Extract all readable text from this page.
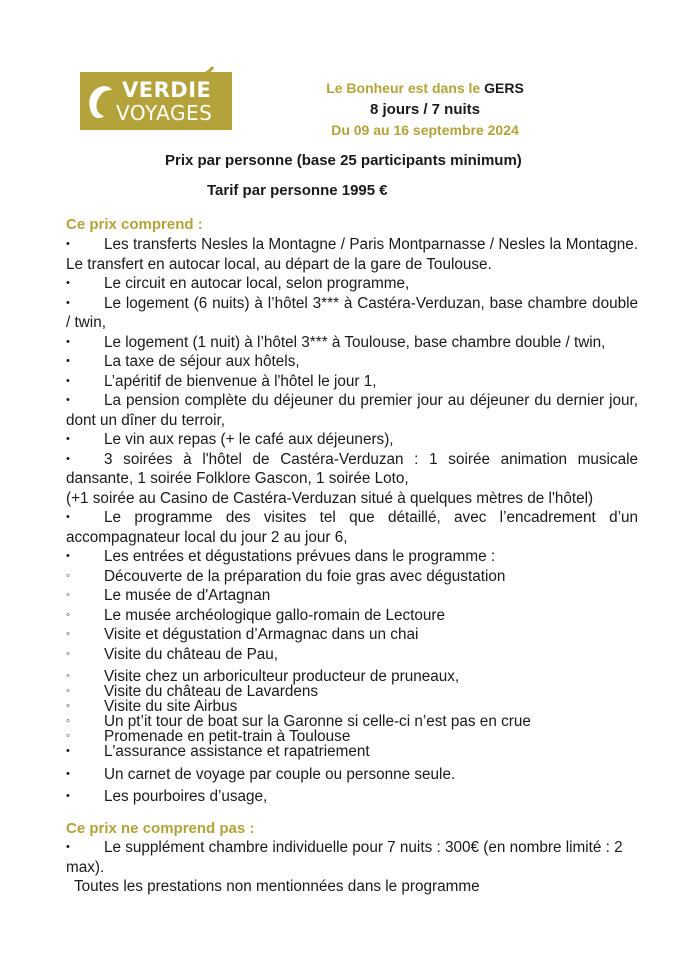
VERDIE
VOYAGES
Le Bonheur est dans le GERS
8 jours / 7 nuits
Du 09 au 16 septembre 2024
Prix par personne (base 25 participants minimum)
Tarif par personne 1995 €
Ce prix comprend :
• Les transferts Nesles la Montagne / Paris Montparnasse / Nesles la Montagne. Le transfert en autocar local, au départ de la gare de Toulouse.
• Le circuit en autocar local, selon programme,
• Le logement (6 nuits) à l’hôtel 3*** à Castéra-Verduzan, base chambre double / twin,
• Le logement (1 nuit) à l’hôtel 3*** à Toulouse, base chambre double / twin,
• La taxe de séjour aux hôtels,
• L’apéritif de bienvenue à l'hôtel le jour 1,
• La pension complète du déjeuner du premier jour au déjeuner du dernier jour, dont un dîner du terroir,
• Le vin aux repas (+ le café aux déjeuners),
• 3 soirées à l'hôtel de Castéra-Verduzan : 1 soirée animation musicale dansante, 1 soirée Folklore Gascon, 1 soirée Loto,
(+1 soirée au Casino de Castéra-Verduzan situé à quelques mètres de l'hôtel)
• Le programme des visites tel que détaillé, avec l’encadrement d’un accompagnateur local du jour 2 au jour 6,
• Les entrées et dégustations prévues dans le programme :
◦ Découverte de la préparation du foie gras avec dégustation
◦ Le musée de d'Artagnan
◦ Le musée archéologique gallo-romain de Lectoure
◦ Visite et dégustation d’Armagnac dans un chai
◦ Visite du château de Pau,
◦ Visite chez un arboriculteur producteur de pruneaux,
◦ Visite du château de Lavardens
◦ Visite du site Airbus
◦ Un pt’it tour de boat sur la Garonne si celle-ci n’est pas en crue
◦ Promenade en petit-train à Toulouse
• L'assurance assistance et rapatriement
• Un carnet de voyage par couple ou personne seule.
• Les pourboires d’usage,
Ce prix ne comprend pas :
• Le supplément chambre individuelle pour 7 nuits : 300€ (en nombre limité : 2 max).
Toutes les prestations non mentionnées dans le programme
